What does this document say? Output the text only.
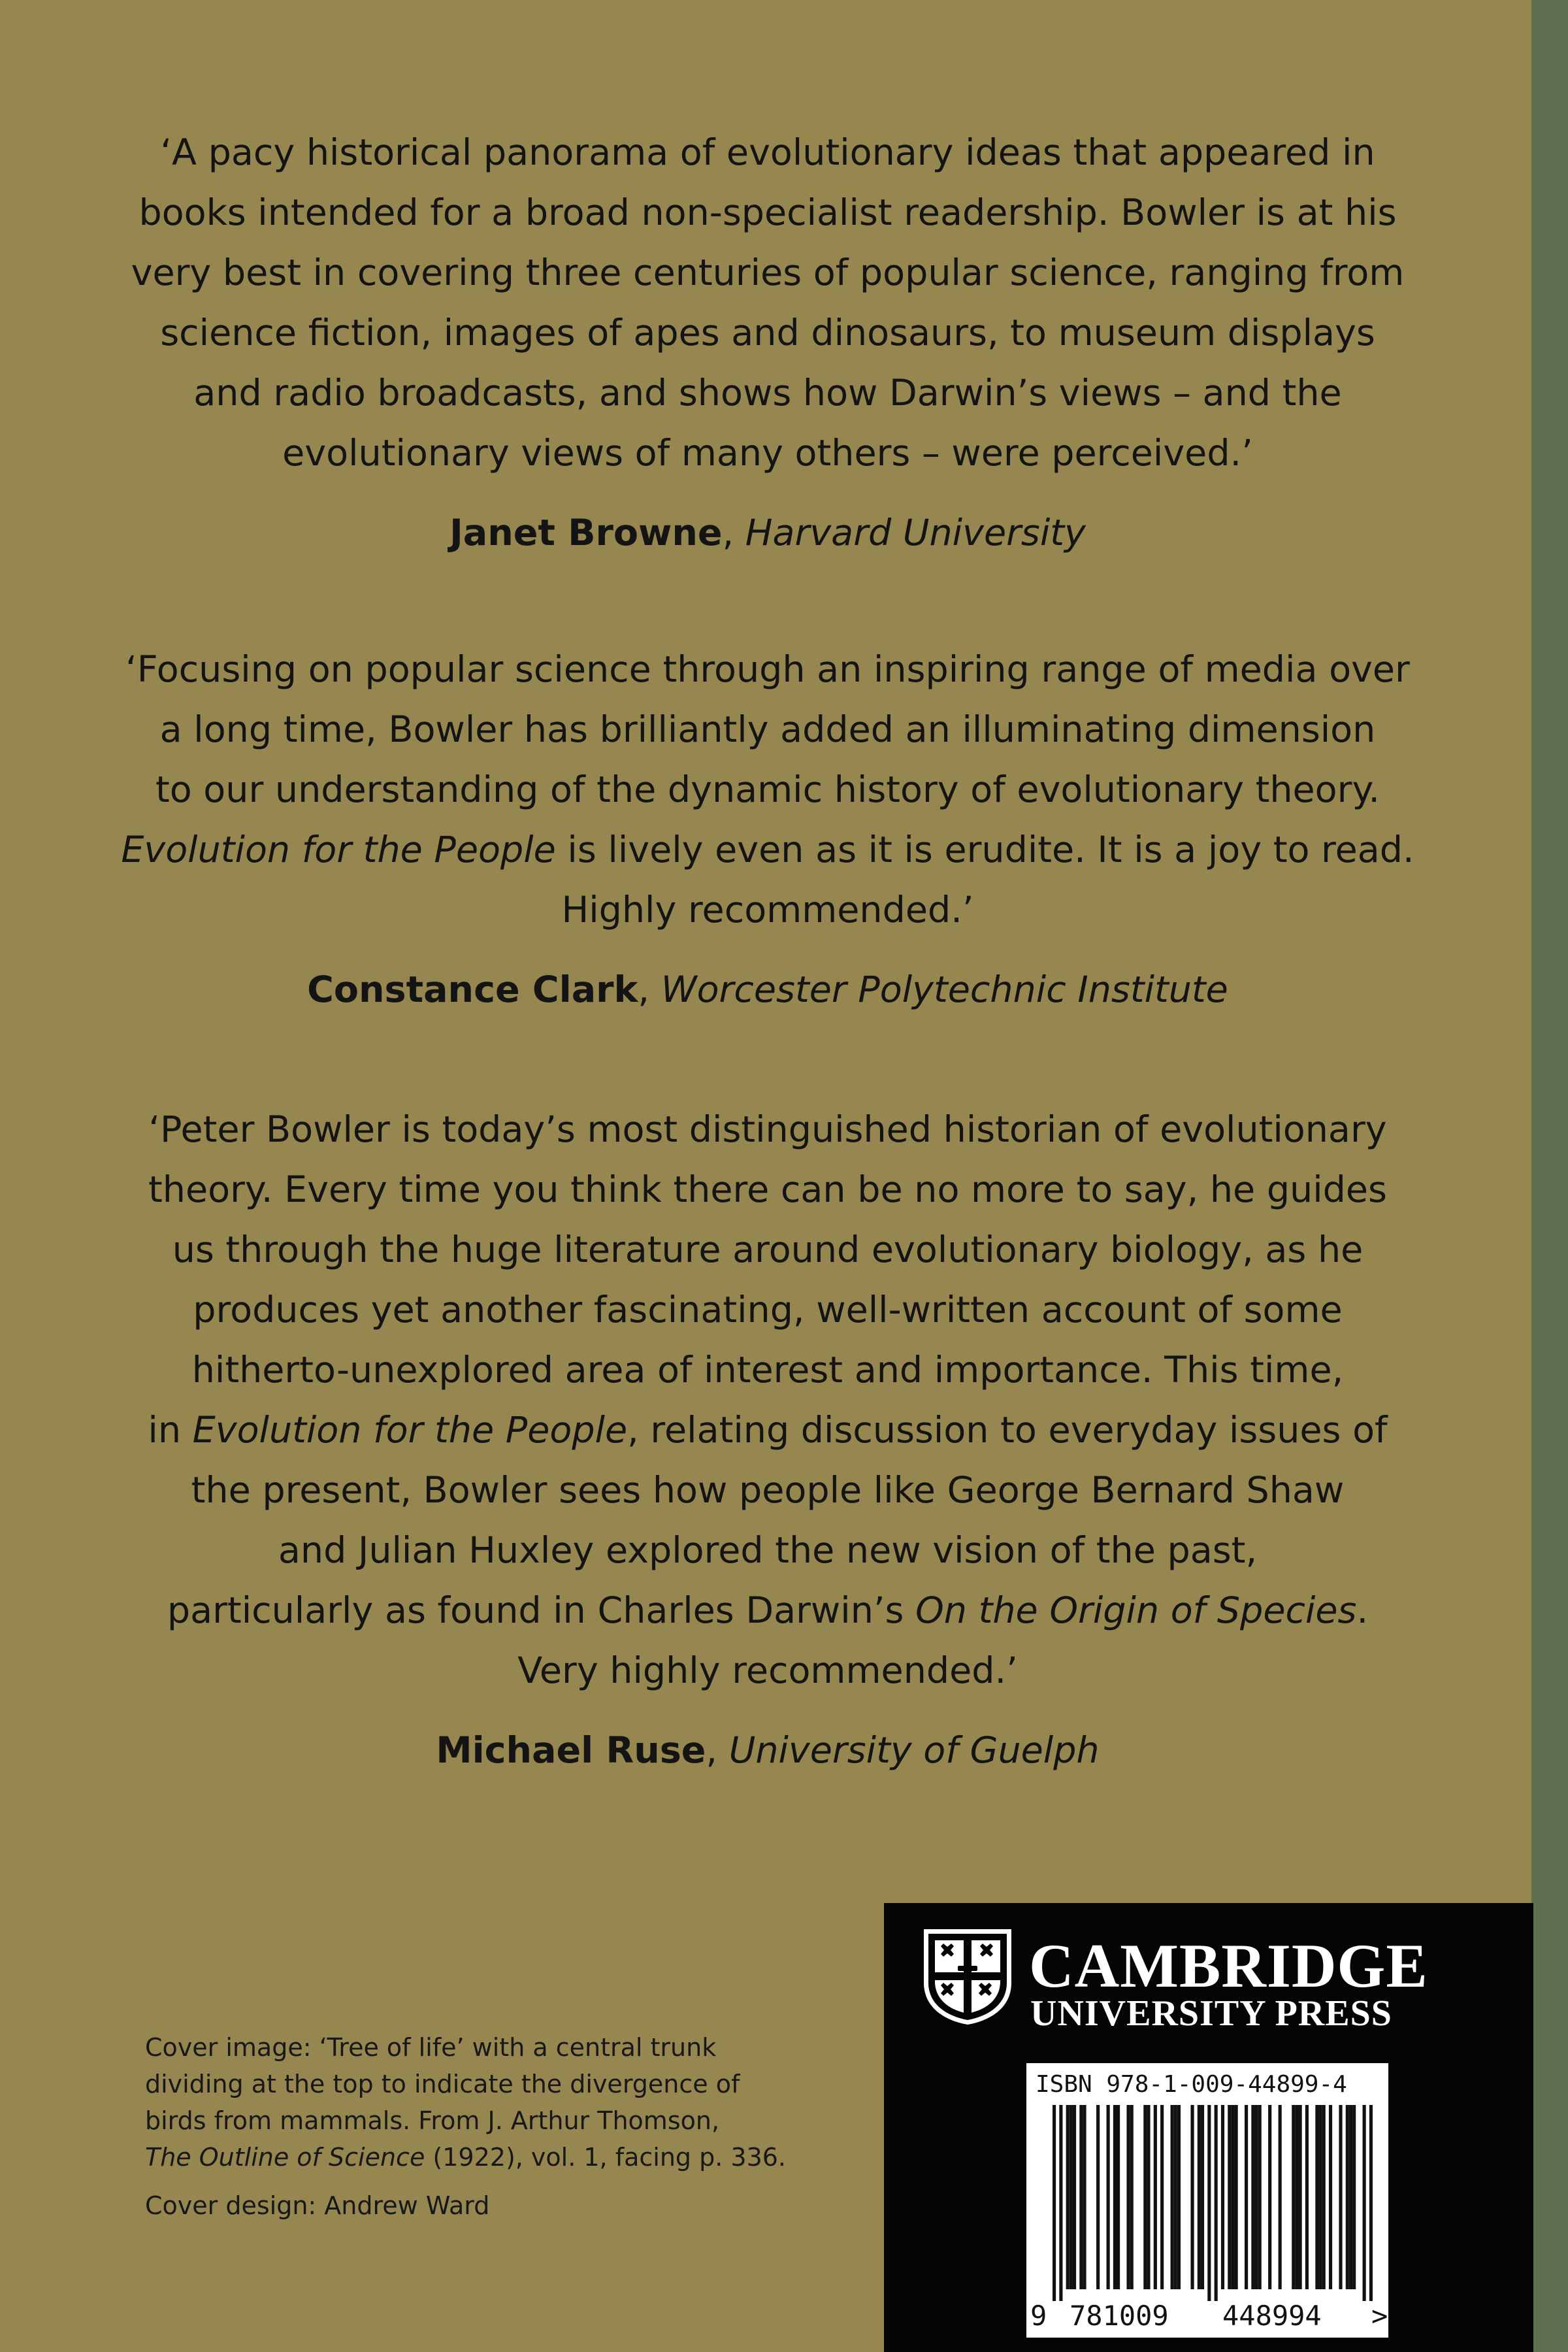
‘A pacy historical panorama of evolutionary ideas that appeared in
books intended for a broad non-specialist readership. Bowler is at his
very best in covering three centuries of popular science, ranging from
science fiction, images of apes and dinosaurs, to museum displays
and radio broadcasts, and shows how Darwin’s views – and the
evolutionary views of many others – were perceived.’

Janet Browne, Harvard University

‘Focusing on popular science through an inspiring range of media over
a long time, Bowler has brilliantly added an illuminating dimension
to our understanding of the dynamic history of evolutionary theory.
Evolution for the People is lively even as it is erudite. It is a joy to read.
Highly recommended.’

Constance Clark, Worcester Polytechnic Institute

‘Peter Bowler is today’s most distinguished historian of evolutionary
theory. Every time you think there can be no more to say, he guides
us through the huge literature around evolutionary biology, as he
produces yet another fascinating, well-written account of some
hitherto-unexplored area of interest and importance. This time,
in Evolution for the People, relating discussion to everyday issues of
the present, Bowler sees how people like George Bernard Shaw
and Julian Huxley explored the new vision of the past,
particularly as found in Charles Darwin’s On the Origin of Species.
Very highly recommended.’

Michael Ruse, University of Guelph
Cover image: ‘Tree of life’ with a central trunk
dividing at the top to indicate the divergence of
birds from mammals. From J. Arthur Thomson,
The Outline of Science (1922), vol. 1, facing p. 336.
Cover design: Andrew Ward
CAMBRIDGE
UNIVERSITY PRESS
ISBN 978-1-009-44899-4
9 781009 448994 >
